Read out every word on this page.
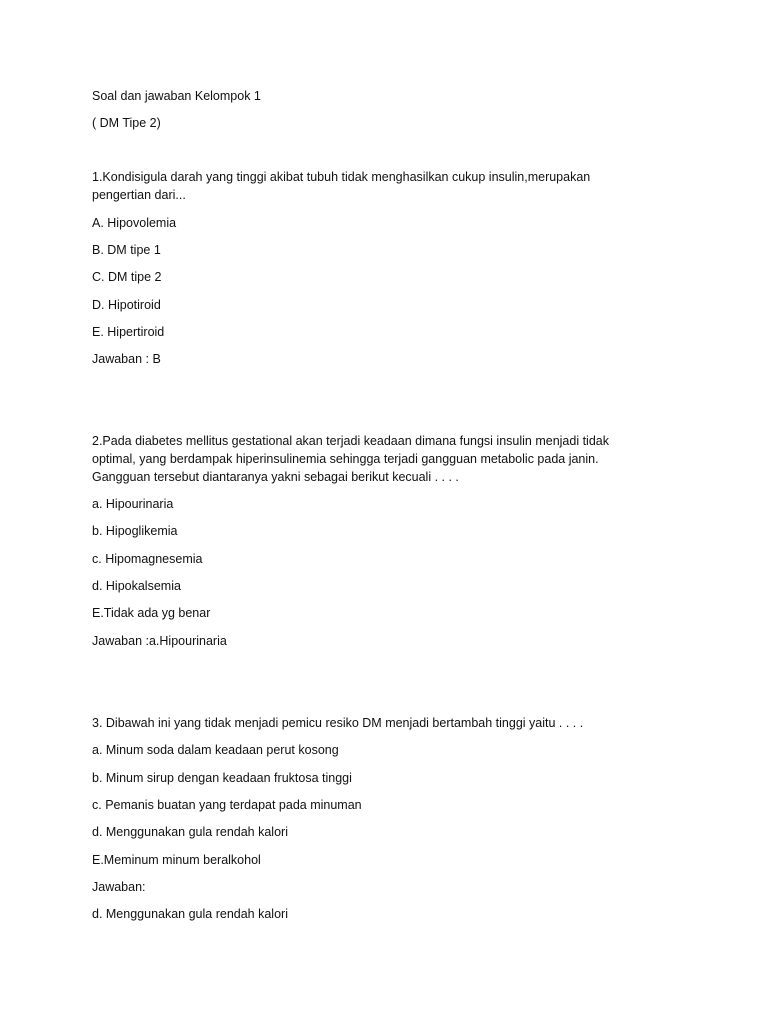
Soal dan jawaban Kelompok 1
( DM Tipe 2)
1.Kondisigula darah yang tinggi akibat tubuh tidak menghasilkan cukup insulin,merupakan
pengertian dari...
A. Hipovolemia
B. DM tipe 1
C. DM tipe 2
D. Hipotiroid
E. Hipertiroid
Jawaban : B
2.Pada diabetes mellitus gestational akan terjadi keadaan dimana fungsi insulin menjadi tidak
optimal, yang berdampak hiperinsulinemia sehingga terjadi gangguan metabolic pada janin.
Gangguan tersebut diantaranya yakni sebagai berikut kecuali . . . .
a. Hipourinaria
b. Hipoglikemia
c. Hipomagnesemia
d. Hipokalsemia
E.Tidak ada yg benar
Jawaban :a.Hipourinaria
3. Dibawah ini yang tidak menjadi pemicu resiko DM menjadi bertambah tinggi yaitu . . . .
a. Minum soda dalam keadaan perut kosong
b. Minum sirup dengan keadaan fruktosa tinggi
c. Pemanis buatan yang terdapat pada minuman
d. Menggunakan gula rendah kalori
E.Meminum minum beralkohol
Jawaban:
d. Menggunakan gula rendah kalori
